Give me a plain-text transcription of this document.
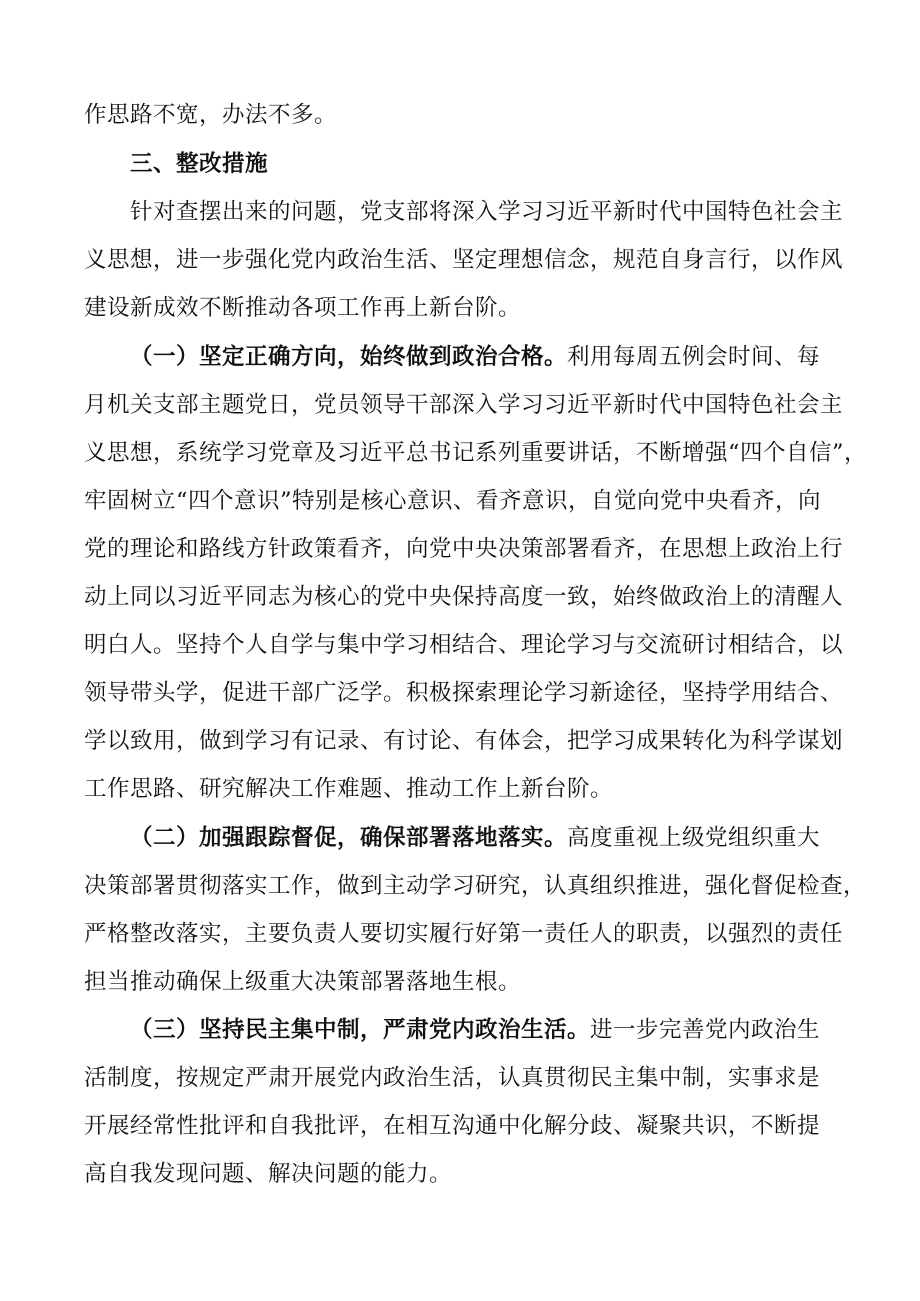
作思路不宽，办法不多。
三、整改措施
针对查摆出来的问题，党支部将深入学习习近平新时代中国特色社会主
义思想，进一步强化党内政治生活、坚定理想信念，规范自身言行，以作风
建设新成效不断推动各项工作再上新台阶。
（一）坚定正确方向，始终做到政治合格。利用每周五例会时间、每
月机关支部主题党日，党员领导干部深入学习习近平新时代中国特色社会主
义思想，系统学习党章及习近平总书记系列重要讲话，不断增强“四个自信”，
牢固树立“四个意识”特别是核心意识、看齐意识，自觉向党中央看齐，向
党的理论和路线方针政策看齐，向党中央决策部署看齐，在思想上政治上行
动上同以习近平同志为核心的党中央保持高度一致，始终做政治上的清醒人
明白人。坚持个人自学与集中学习相结合、理论学习与交流研讨相结合，以
领导带头学，促进干部广泛学。积极探索理论学习新途径，坚持学用结合、
学以致用，做到学习有记录、有讨论、有体会，把学习成果转化为科学谋划
工作思路、研究解决工作难题、推动工作上新台阶。
（二）加强跟踪督促，确保部署落地落实。高度重视上级党组织重大
决策部署贯彻落实工作，做到主动学习研究，认真组织推进，强化督促检查，
严格整改落实，主要负责人要切实履行好第一责任人的职责，以强烈的责任
担当推动确保上级重大决策部署落地生根。
（三）坚持民主集中制，严肃党内政治生活。进一步完善党内政治生
活制度，按规定严肃开展党内政治生活，认真贯彻民主集中制，实事求是
开展经常性批评和自我批评，在相互沟通中化解分歧、凝聚共识，不断提
高自我发现问题、解决问题的能力。
